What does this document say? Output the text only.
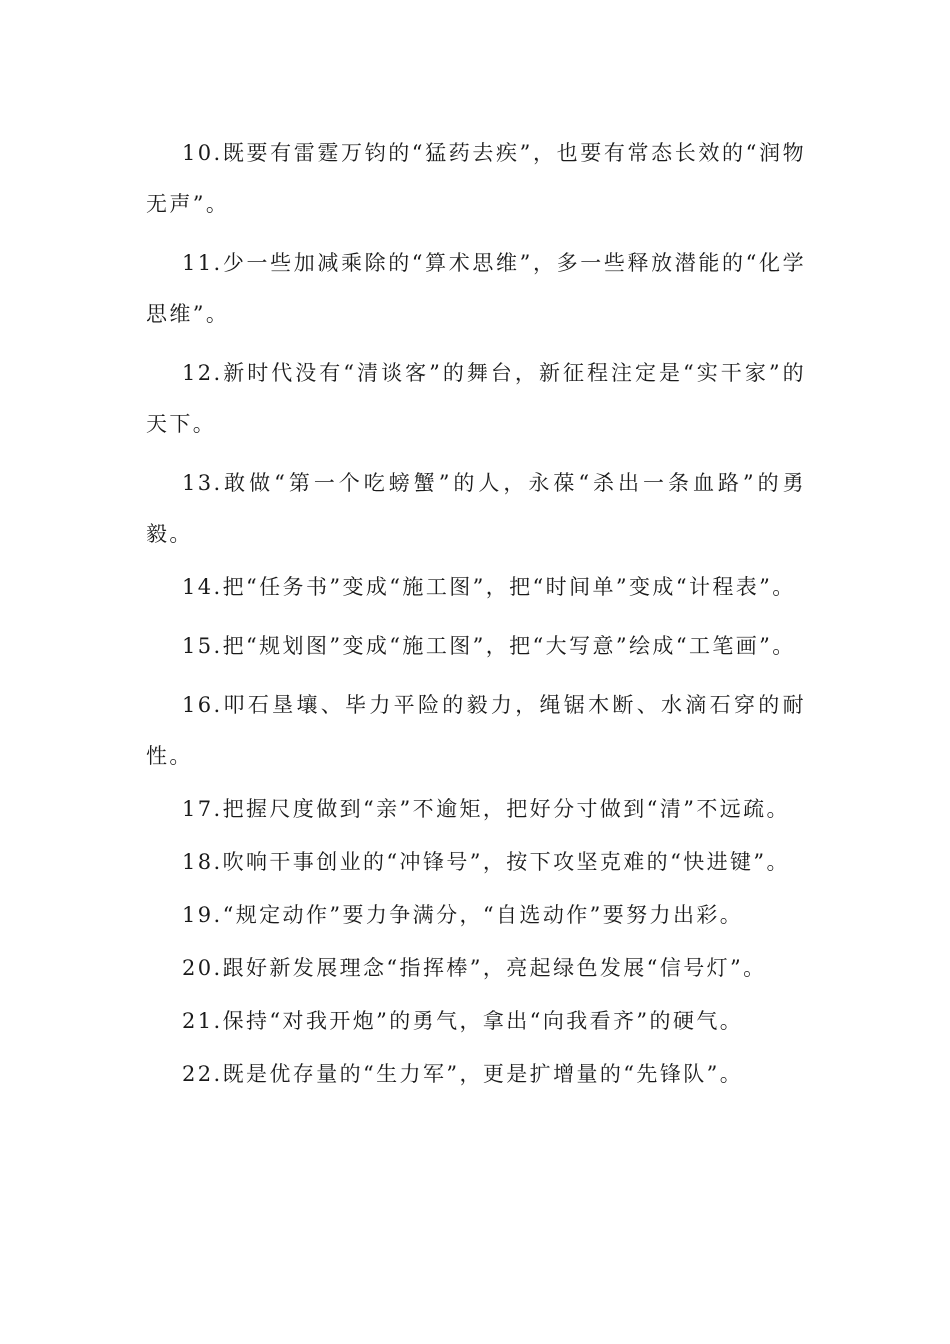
10.既要有雷霆万钧的“猛药去疾”，也要有常态长效的“润物无声”。

11.少一些加减乘除的“算术思维”，多一些释放潜能的“化学思维”。

12.新时代没有“清谈客”的舞台，新征程注定是“实干家”的天下。

13.敢做“第一个吃螃蟹”的人，永葆“杀出一条血路”的勇毅。

14.把“任务书”变成“施工图”，把“时间单”变成“计程表”。

15.把“规划图”变成“施工图”，把“大写意”绘成“工笔画”。

16.叩石垦壤、毕力平险的毅力，绳锯木断、水滴石穿的耐性。

17.把握尺度做到“亲”不逾矩，把好分寸做到“清”不远疏。

18.吹响干事创业的“冲锋号”，按下攻坚克难的“快进键”。

19.“规定动作”要力争满分，“自选动作”要努力出彩。

20.跟好新发展理念“指挥棒”，亮起绿色发展“信号灯”。

21.保持“对我开炮”的勇气，拿出“向我看齐”的硬气。

22.既是优存量的“生力军”，更是扩增量的“先锋队”。
